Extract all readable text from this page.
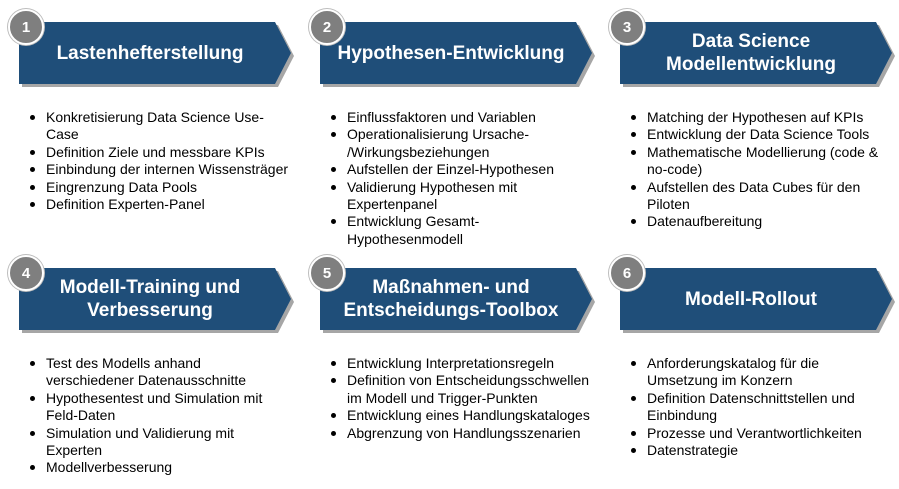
Lastenhefterstellung
1
Konkretisierung Data Science Use-Case
Definition Ziele und messbare KPIs
Einbindung der internen Wissensträger
Eingrenzung Data Pools
Definition Experten-Panel
Hypothesen-Entwicklung
2
Einflussfaktoren und Variablen
Operationalisierung Ursache-
/Wirkungsbeziehungen
Aufstellen der Einzel-Hypothesen
Validierung Hypothesen mit Expertenpanel
Entwicklung Gesamt-Hypothesenmodell
Data Science
Modellentwicklung
3
Matching der Hypothesen auf KPIs
Entwicklung der Data Science Tools
Mathematische Modellierung (code & no-code)
Aufstellen des Data Cubes für den Piloten
Datenaufbereitung
Modell-Training und
Verbesserung
4
Test des Modells anhand verschiedener Datenausschnitte
Hypothesentest und Simulation mit Feld-Daten
Simulation und Validierung mit Experten
Modellverbesserung
Maßnahmen- und
Entscheidungs-Toolbox
5
Entwicklung Interpretationsregeln
Definition von Entscheidungsschwellen im Modell und Trigger-Punkten
Entwicklung eines Handlungskataloges
Abgrenzung von Handlungsszenarien
Modell-Rollout
6
Anforderungskatalog für die Umsetzung im Konzern
Definition Datenschnittstellen und Einbindung
Prozesse und Verantwortlichkeiten
Datenstrategie
